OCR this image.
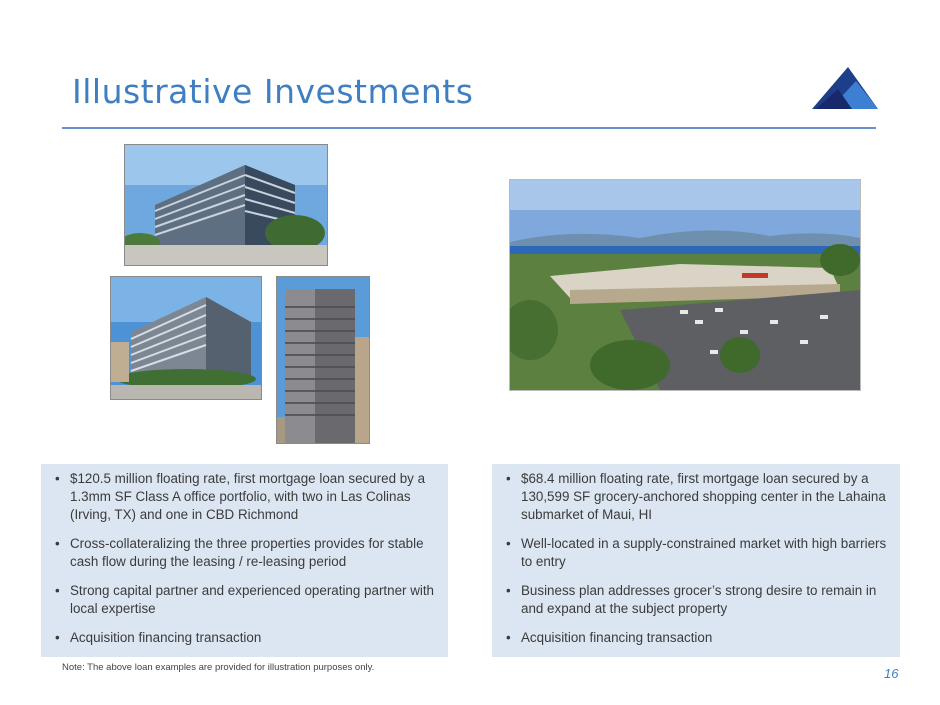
Illustrative Investments
• $120.5 million floating rate, first mortgage loan secured by a 1.3mm SF Class A office portfolio, with two in Las Colinas (Irving, TX) and one in CBD Richmond
• Cross-collateralizing the three properties provides for stable cash flow during the leasing / re-leasing period
• Strong capital partner and experienced operating partner with local expertise
• Acquisition financing transaction
• $68.4 million floating rate, first mortgage loan secured by a 130,599 SF grocery-anchored shopping center in the Lahaina submarket of Maui, HI
• Well-located in a supply-constrained market with high barriers to entry
• Business plan addresses grocer’s strong desire to remain in and expand at the subject property
• Acquisition financing transaction
Note: The above loan examples are provided for illustration purposes only.	16
